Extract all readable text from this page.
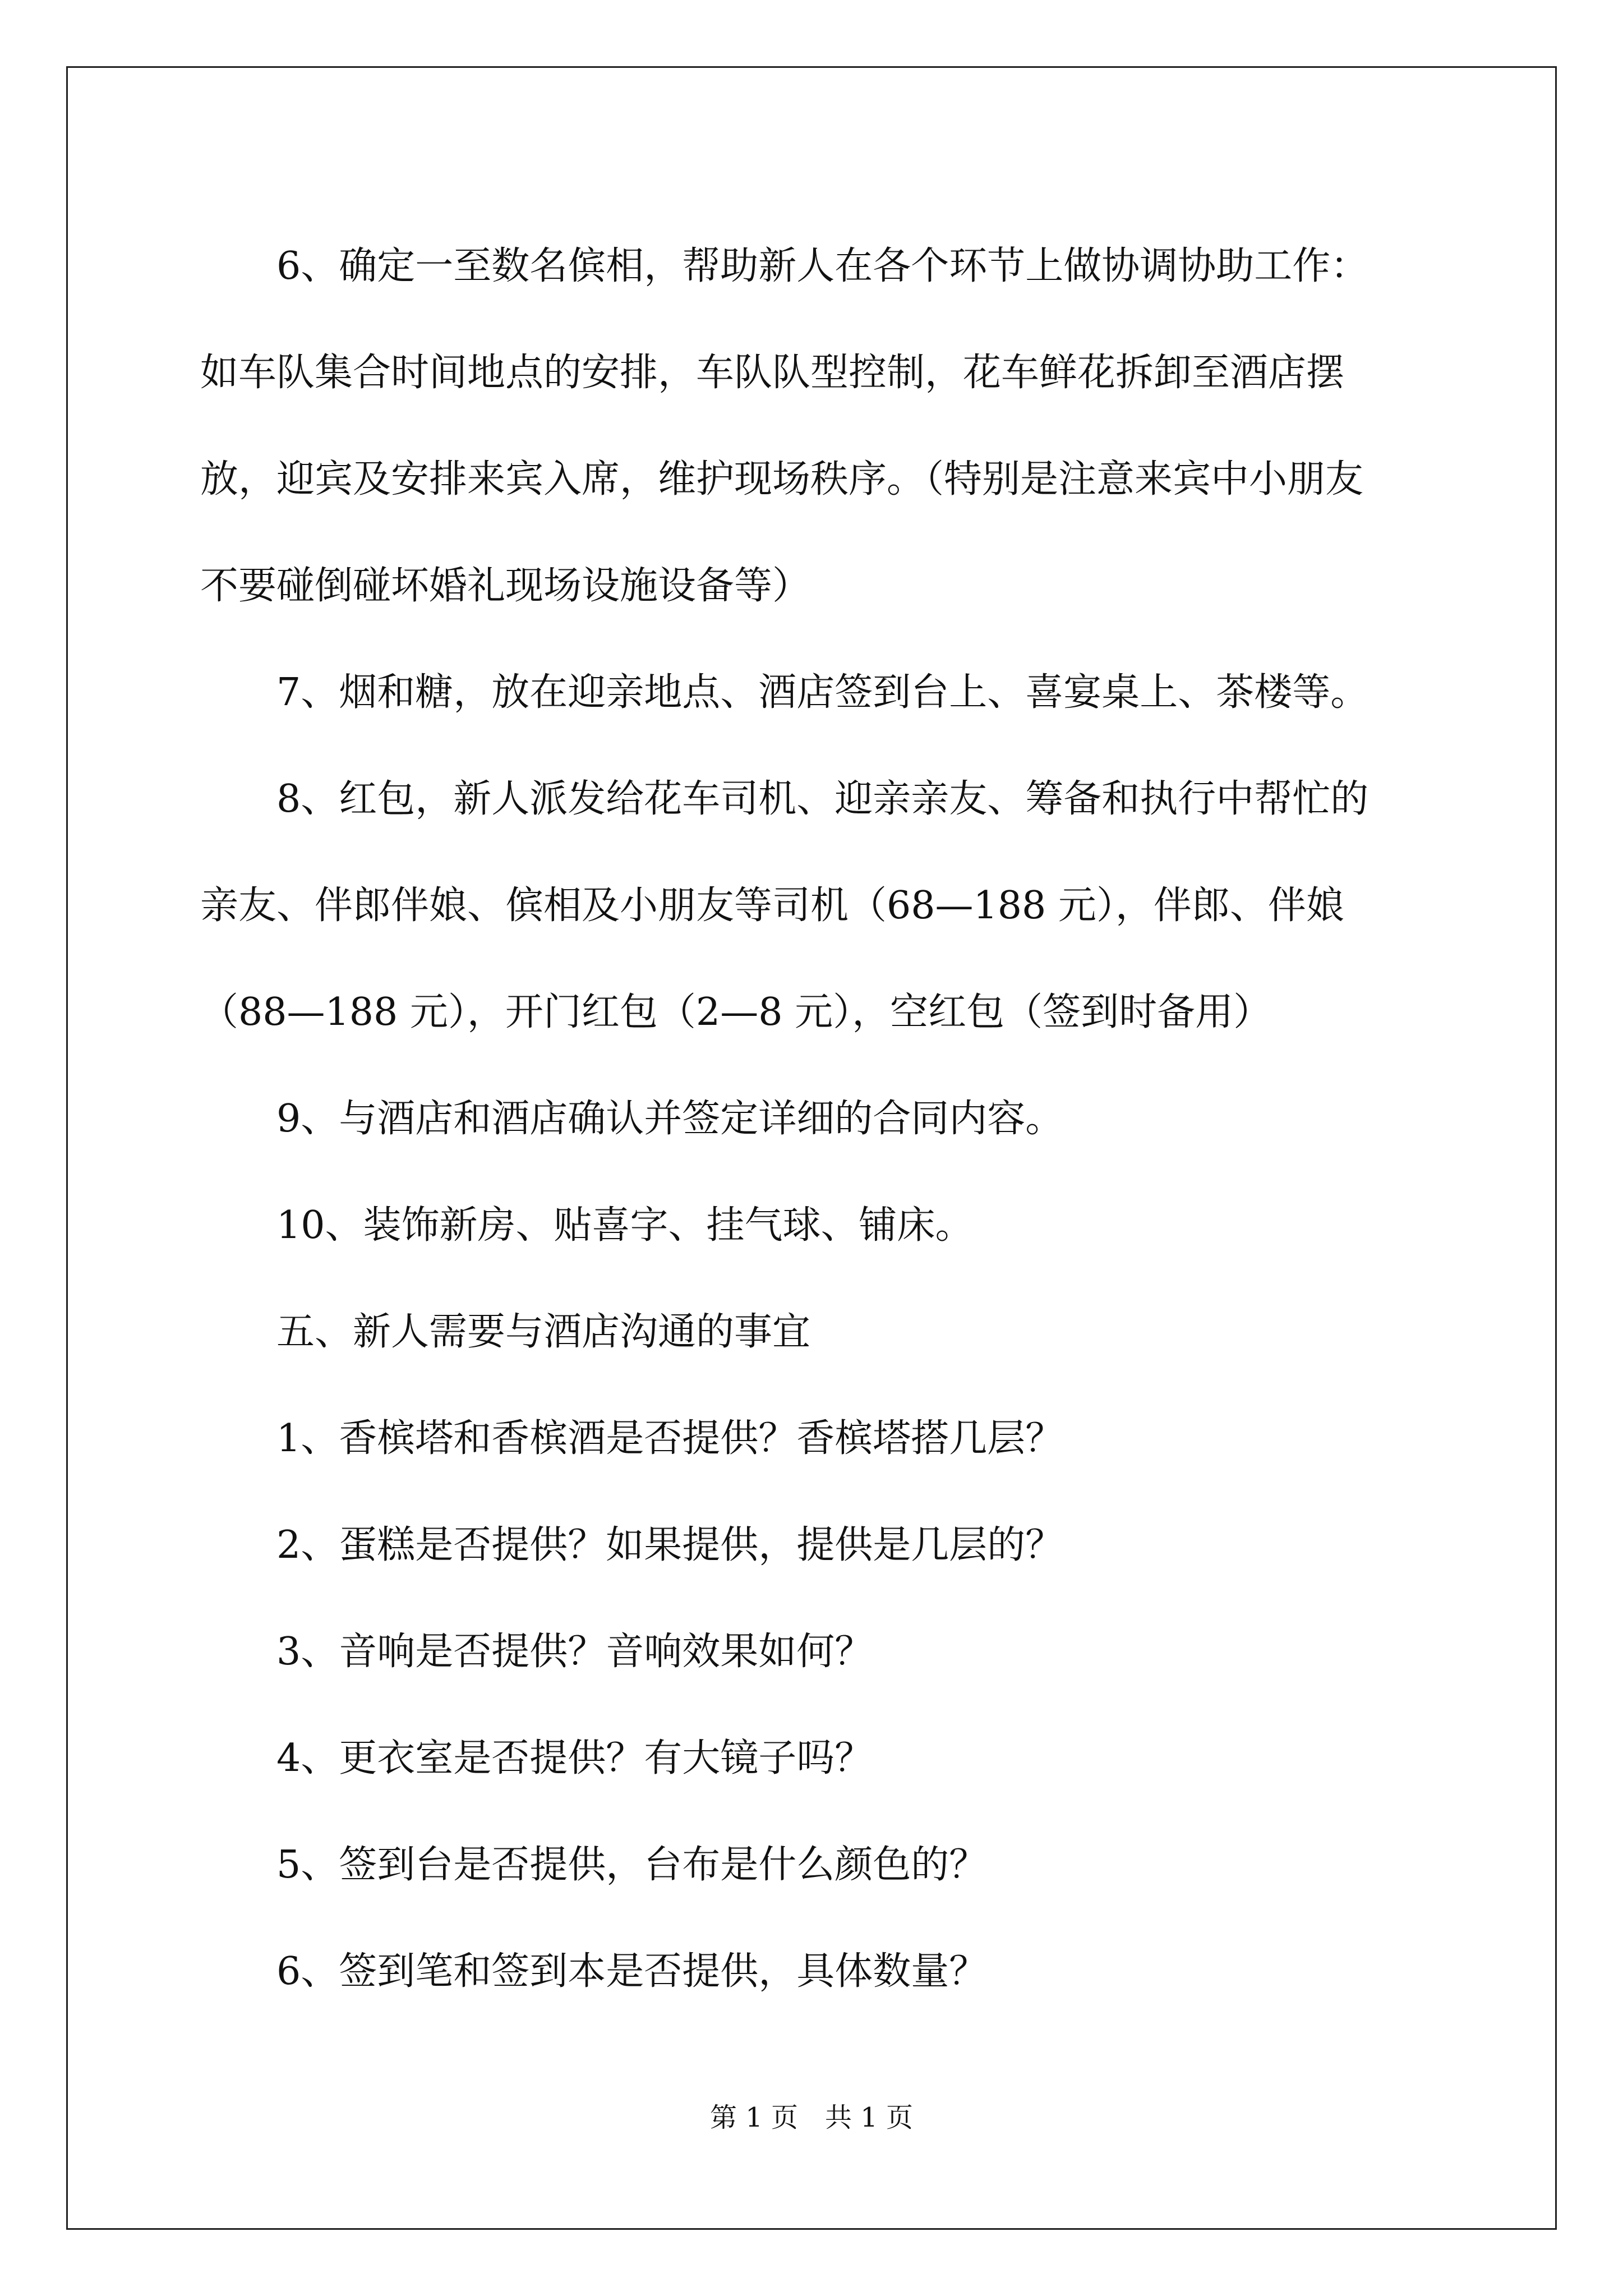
6、确定一至数名傧相，帮助新人在各个环节上做协调协助工作：
如车队集合时间地点的安排，车队队型控制，花车鲜花拆卸至酒店摆
放，迎宾及安排来宾入席，维护现场秩序。（特别是注意来宾中小朋友
不要碰倒碰坏婚礼现场设施设备等）
7、烟和糖，放在迎亲地点、酒店签到台上、喜宴桌上、茶楼等。
8、红包，新人派发给花车司机、迎亲亲友、筹备和执行中帮忙的
亲友、伴郎伴娘、傧相及小朋友等司机（68—188 元），伴郎、伴娘
（88—188 元），开门红包（2—8 元），空红包（签到时备用）
9、与酒店和酒店确认并签定详细的合同内容。
10、装饰新房、贴喜字、挂气球、铺床。
五、新人需要与酒店沟通的事宜
1、香槟塔和香槟酒是否提供？香槟塔搭几层？
2、蛋糕是否提供？如果提供，提供是几层的？
3、音响是否提供？音响效果如何？
4、更衣室是否提供？有大镜子吗？
5、签到台是否提供，台布是什么颜色的？
6、签到笔和签到本是否提供，具体数量？
第 1 页　共 1 页
